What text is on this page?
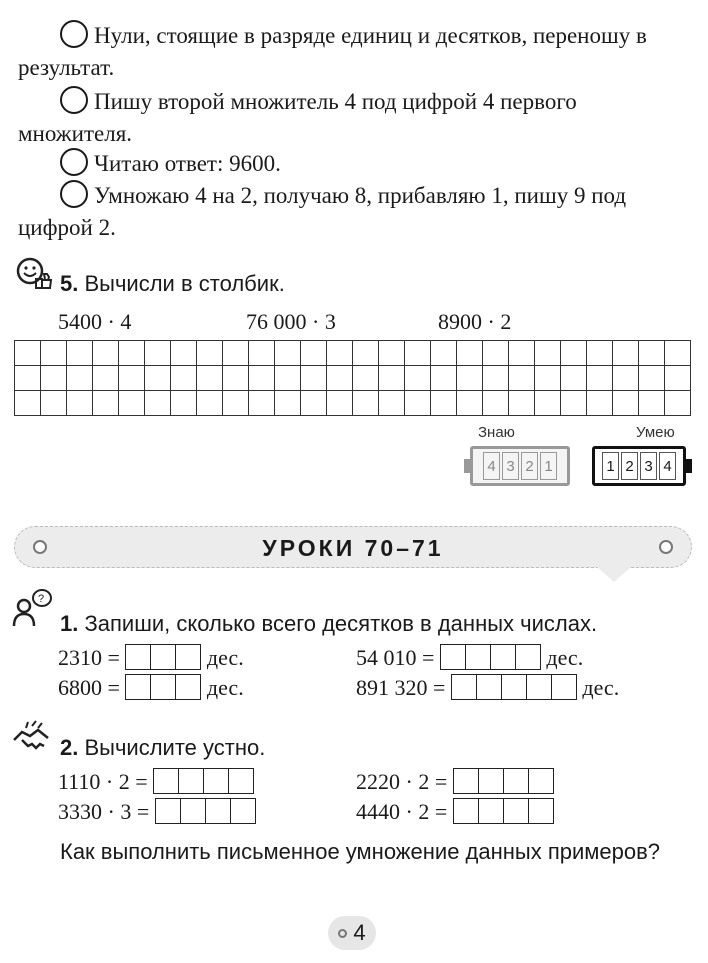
Нули, стоящие в разряде единиц и десятков, переношу в результат.
Пишу второй множитель 4 под цифрой 4 первого множителя.
Читаю ответ: 9600.
Умножаю 4 на 2, получаю 8, прибавляю 1, пишу 9 под цифрой 2.
5. Вычисли в столбик.
5400 · 4	76 000 · 3	8900 · 2
Знаю
4 3 2 1
Умею
1 2 3 4
УРОКИ 70–71
?
1. Запиши, сколько всего десятков в данных числах.
2310 =	дес.	54 010 =	дес.
6800 =	дес.	891 320 =	дес.
2. Вычислите устно.
1110 · 2 =	2220 · 2 =
3330 · 3 =	4440 · 2 =
Как выполнить письменное умножение данных примеров?
4
